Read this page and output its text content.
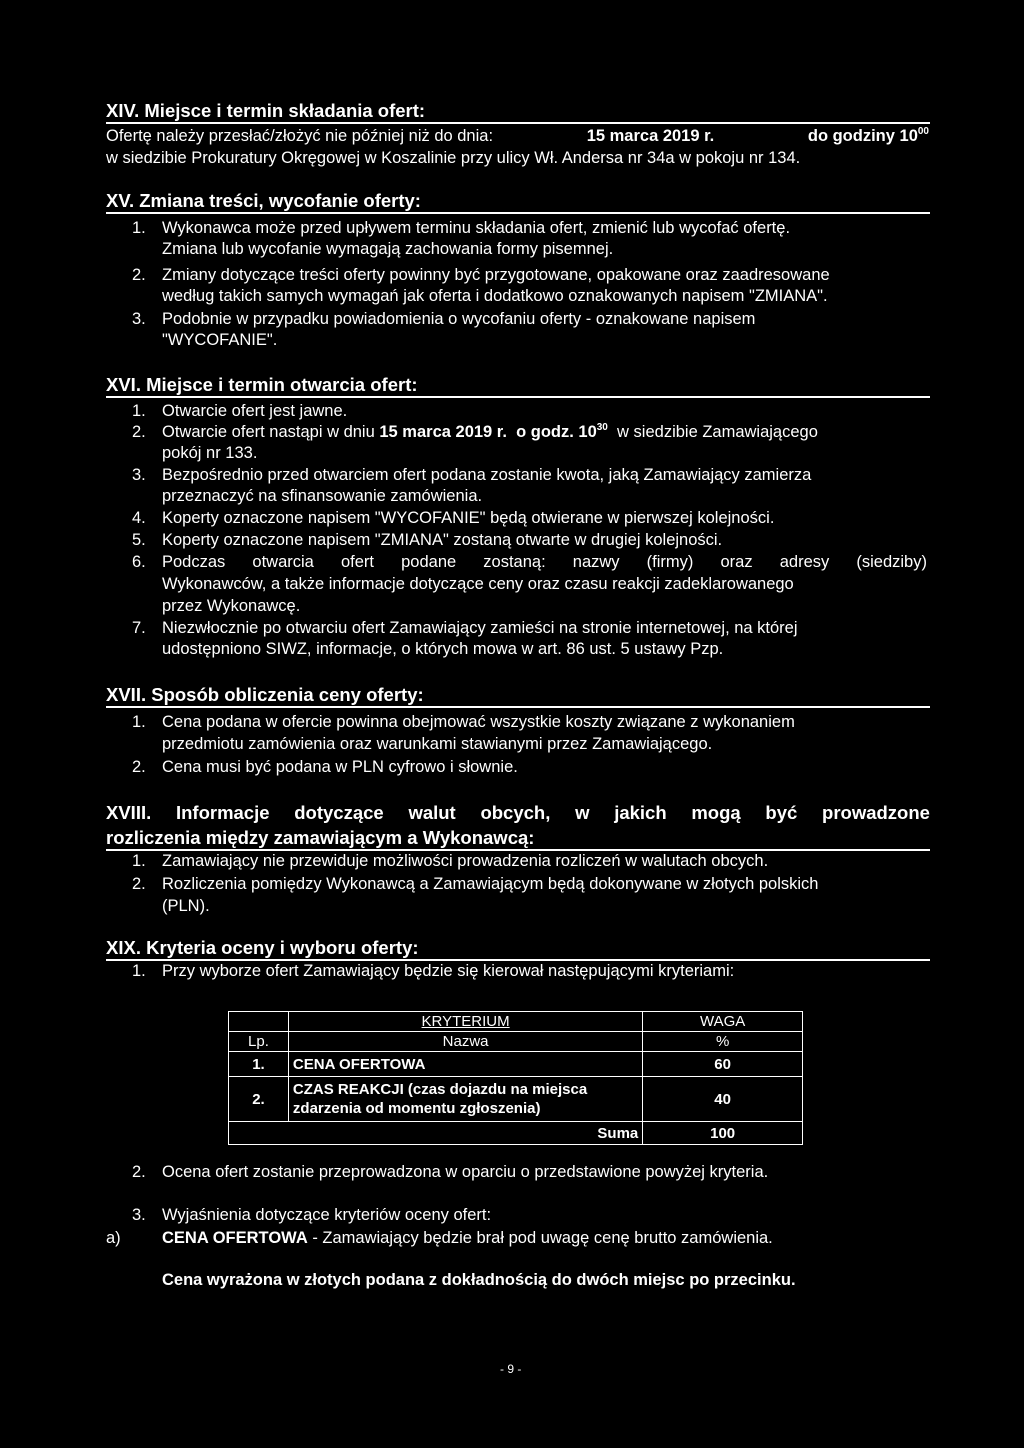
XIV. Miejsce i termin składania ofert:
Ofertę należy przesłać/złożyć nie później niż do dnia:	15 marca 2019 r.	do godziny $10^{00}$
w siedzibie Prokuratury Okręgowej w Koszalinie przy ulicy Wł. Andersa nr 34a w pokoju nr 134.
XV. Zmiana treści, wycofanie oferty:
1. Wykonawca może przed upływem terminu składania ofert, zmienić lub wycofać ofertę.
Zmiana lub wycofanie wymagają zachowania formy pisemnej.
2. Zmiany dotyczące treści oferty powinny być przygotowane, opakowane oraz zaadresowane
według takich samych wymagań jak oferta i dodatkowo oznakowanych napisem "ZMIANA".
3. Podobnie w przypadku powiadomienia o wycofaniu oferty - oznakowane napisem
"WYCOFANIE".
XVI. Miejsce i termin otwarcia ofert:
1. Otwarcie ofert jest jawne.
2. Otwarcie ofert nastąpi w dniu 15 marca 2019 r. o godz. $10^{30}$ w siedzibie Zamawiającego
pokój nr 133.
3. Bezpośrednio przed otwarciem ofert podana zostanie kwota, jaką Zamawiający zamierza
przeznaczyć na sfinansowanie zamówienia.
4. Koperty oznaczone napisem "WYCOFANIE" będą otwierane w pierwszej kolejności.
5. Koperty oznaczone napisem "ZMIANA" zostaną otwarte w drugiej kolejności.
6. Podczas otwarcia ofert podane zostaną: nazwy (firmy) oraz adresy (siedziby)
Wykonawców, a także informacje dotyczące ceny oraz czasu reakcji zadeklarowanego
przez Wykonawcę.
7. Niezwłocznie po otwarciu ofert Zamawiający zamieści na stronie internetowej, na której
udostępniono SIWZ, informacje, o których mowa w art. 86 ust. 5 ustawy Pzp.
XVII. Sposób obliczenia ceny oferty:
1. Cena podana w ofercie powinna obejmować wszystkie koszty związane z wykonaniem
przedmiotu zamówienia oraz warunkami stawianymi przez Zamawiającego.
2. Cena musi być podana w PLN cyfrowo i słownie.
XVIII. Informacje dotyczące walut obcych, w jakich mogą być prowadzone
rozliczenia między zamawiającym a Wykonawcą:
1. Zamawiający nie przewiduje możliwości prowadzenia rozliczeń w walutach obcych.
2. Rozliczenia pomiędzy Wykonawcą a Zamawiającym będą dokonywane w złotych polskich
(PLN).
XIX. Kryteria oceny i wyboru oferty:
1. Przy wyborze ofert Zamawiający będzie się kierował następującymi kryteriami:
	KRYTERIUM	WAGA
Lp.	Nazwa	%
1.	CENA OFERTOWA	60
2.	CZAS REAKCJI (czas dojazdu na miejsca
zdarzenia od momentu zgłoszenia)	40
Suma		100
2. Ocena ofert zostanie przeprowadzona w oparciu o przedstawione powyżej kryteria.
3. Wyjaśnienia dotyczące kryteriów oceny ofert:
a)	CENA OFERTOWA - Zamawiający będzie brał pod uwagę cenę brutto zamówienia.
Cena wyrażona w złotych podana z dokładnością do dwóch miejsc po przecinku.
- 9 -
